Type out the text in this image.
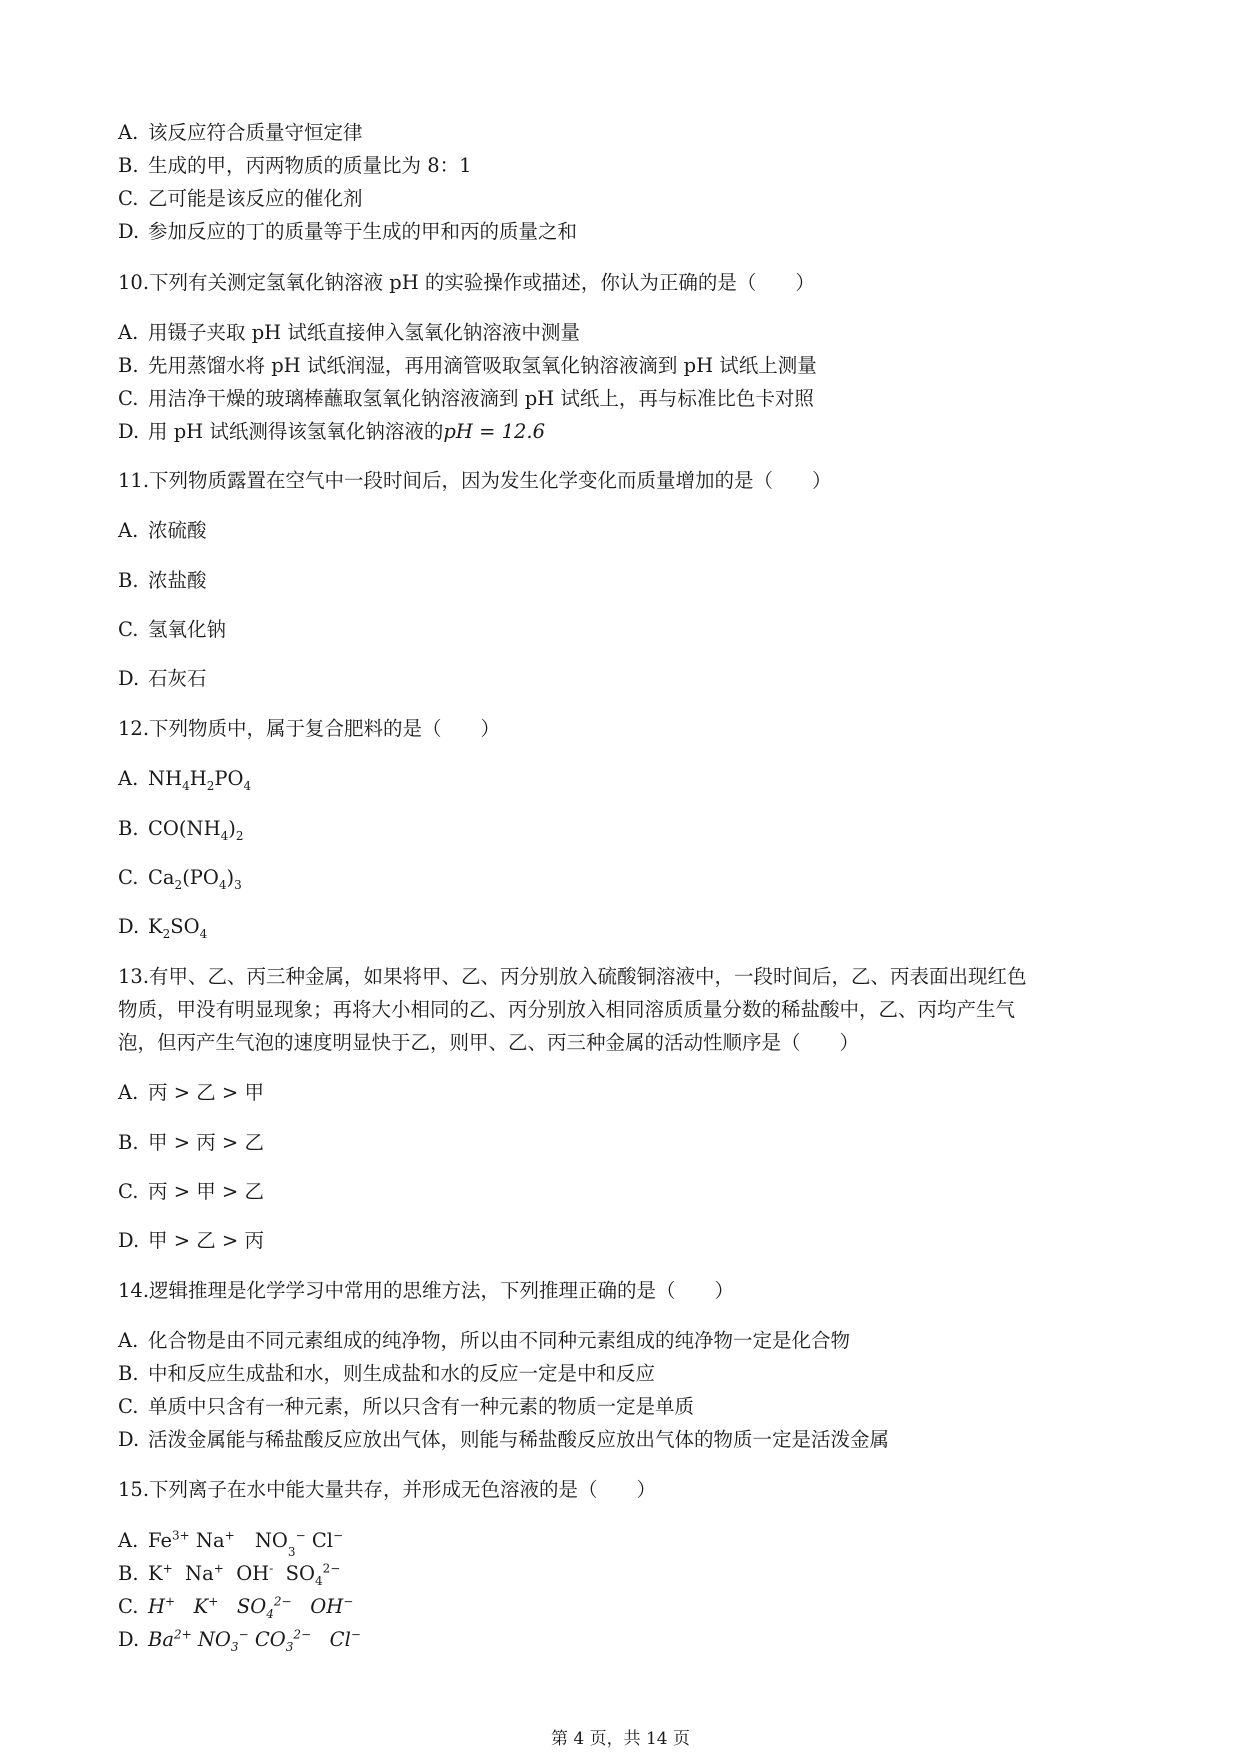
A. 该反应符合质量守恒定律
B. 生成的甲，丙两物质的质量比为 8：1
C. 乙可能是该反应的催化剂
D. 参加反应的丁的质量等于生成的甲和丙的质量之和
10.下列有关测定氢氧化钠溶液 pH 的实验操作或描述，你认为正确的是（　　）
A. 用镊子夹取 pH 试纸直接伸入氢氧化钠溶液中测量
B. 先用蒸馏水将 pH 试纸润湿，再用滴管吸取氢氧化钠溶液滴到 pH 试纸上测量
C. 用洁净干燥的玻璃棒蘸取氢氧化钠溶液滴到 pH 试纸上，再与标准比色卡对照
D. 用 pH 试纸测得该氢氧化钠溶液的pH = 12.6
11.下列物质露置在空气中一段时间后，因为发生化学变化而质量增加的是（　　）
A. 浓硫酸
B. 浓盐酸
C. 氢氧化钠
D. 石灰石
12.下列物质中，属于复合肥料的是（　　）
A. $NH_4H_2PO_4$
B. $CO(NH_4)_2$
C. $Ca_2(PO_4)_3$
D. $K_2SO_4$
13.有甲、乙、丙三种金属，如果将甲、乙、丙分别放入硫酸铜溶液中，一段时间后，乙、丙表面出现红色
物质，甲没有明显现象；再将大小相同的乙、丙分别放入相同溶质质量分数的稀盐酸中，乙、丙均产生气
泡，但丙产生气泡的速度明显快于乙，则甲、乙、丙三种金属的活动性顺序是（　　）
A. 丙 > 乙 > 甲
B. 甲 > 丙 > 乙
C. 丙 > 甲 > 乙
D. 甲 > 乙 > 丙
14.逻辑推理是化学学习中常用的思维方法，下列推理正确的是（　　）
A. 化合物是由不同元素组成的纯净物，所以由不同种元素组成的纯净物一定是化合物
B. 中和反应生成盐和水，则生成盐和水的反应一定是中和反应
C. 单质中只含有一种元素，所以只含有一种元素的物质一定是单质
D. 活泼金属能与稀盐酸反应放出气体，则能与稀盐酸反应放出气体的物质一定是活泼金属
15.下列离子在水中能大量共存，并形成无色溶液的是（　　）
A. $Fe^{3+}$ Na+ $NO_3^-$ Cl−
B. K+  Na+  OH-  $SO_4^{2-}$
C. H+   K+   $SO_4^{2-}$   OH−
D. $Ba^{2+}$ $NO_3^-$ $CO_3^{2-}$   Cl−
第 4 页，共 14 页
